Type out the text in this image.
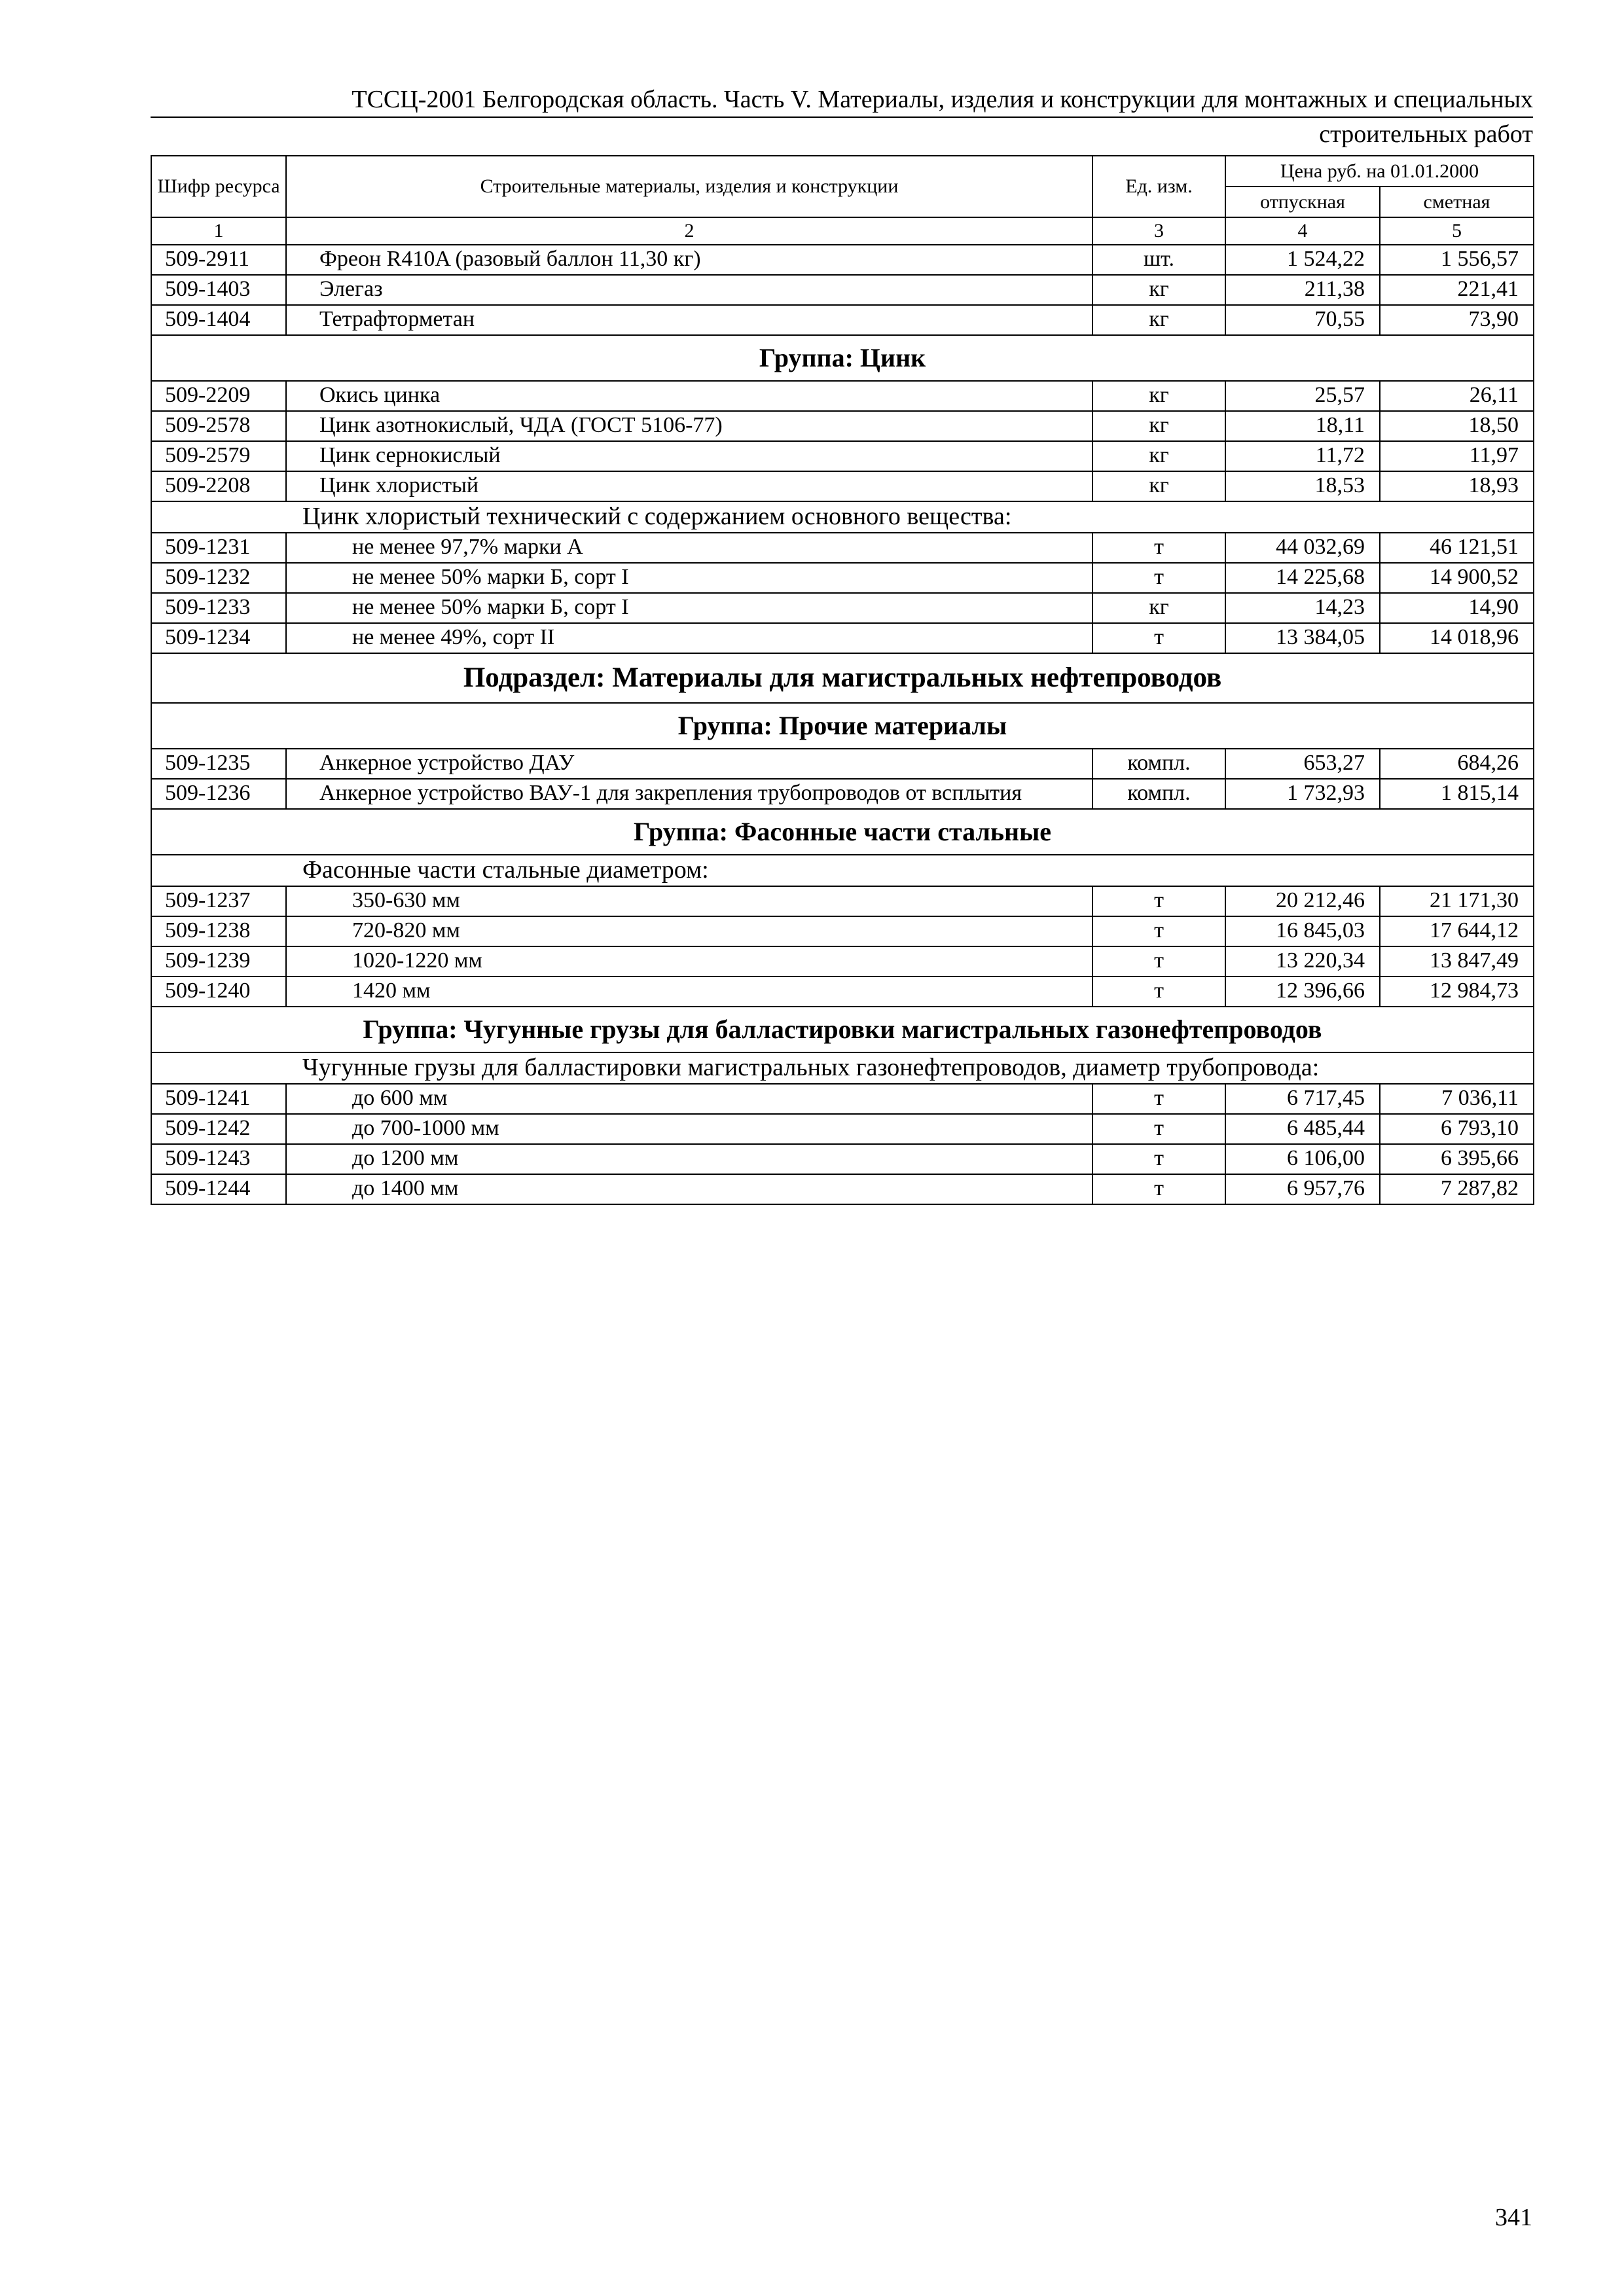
ТССЦ-2001 Белгородская область. Часть V. Материалы, изделия и конструкции для монтажных и специальных
строительных работ
Шифр ресурса	Строительные материалы, изделия и конструкции	Ед. изм.	Цена руб. на 01.01.2000	
			отпускная	сметная
1	2	3	4	5
509-2911	Фреон R410A (разовый баллон 11,30 кг)	шт.	1 524,22	1 556,57
509-1403	Элегаз	кг	211,38	221,41
509-1404	Тетрафторметан	кг	70,55	73,90
Группа: Цинк				
509-2209	Окись цинка	кг	25,57	26,11
509-2578	Цинк азотнокислый, ЧДА (ГОСТ 5106-77)	кг	18,11	18,50
509-2579	Цинк сернокислый	кг	11,72	11,97
509-2208	Цинк хлористый	кг	18,53	18,93
Цинк хлористый технический с содержанием основного вещества:				
509-1231	не менее 97,7% марки А	т	44 032,69	46 121,51
509-1232	не менее 50% марки Б, сорт I	т	14 225,68	14 900,52
509-1233	не менее 50% марки Б, сорт I	кг	14,23	14,90
509-1234	не менее 49%, сорт II	т	13 384,05	14 018,96
Подраздел: Материалы для магистральных нефтепроводов				
Группа: Прочие материалы				
509-1235	Анкерное устройство ДАУ	компл.	653,27	684,26
509-1236	Анкерное устройство ВАУ-1 для закрепления трубопроводов от всплытия	компл.	1 732,93	1 815,14
Группа: Фасонные части стальные				
Фасонные части стальные диаметром:				
509-1237	350-630 мм	т	20 212,46	21 171,30
509-1238	720-820 мм	т	16 845,03	17 644,12
509-1239	1020-1220 мм	т	13 220,34	13 847,49
509-1240	1420 мм	т	12 396,66	12 984,73
Группа: Чугунные грузы для балластировки магистральных газонефтепроводов				
Чугунные грузы для балластировки магистральных газонефтепроводов, диаметр трубопровода:				
509-1241	до 600 мм	т	6 717,45	7 036,11
509-1242	до 700-1000 мм	т	6 485,44	6 793,10
509-1243	до 1200 мм	т	6 106,00	6 395,66
509-1244	до 1400 мм	т	6 957,76	7 287,82
341
